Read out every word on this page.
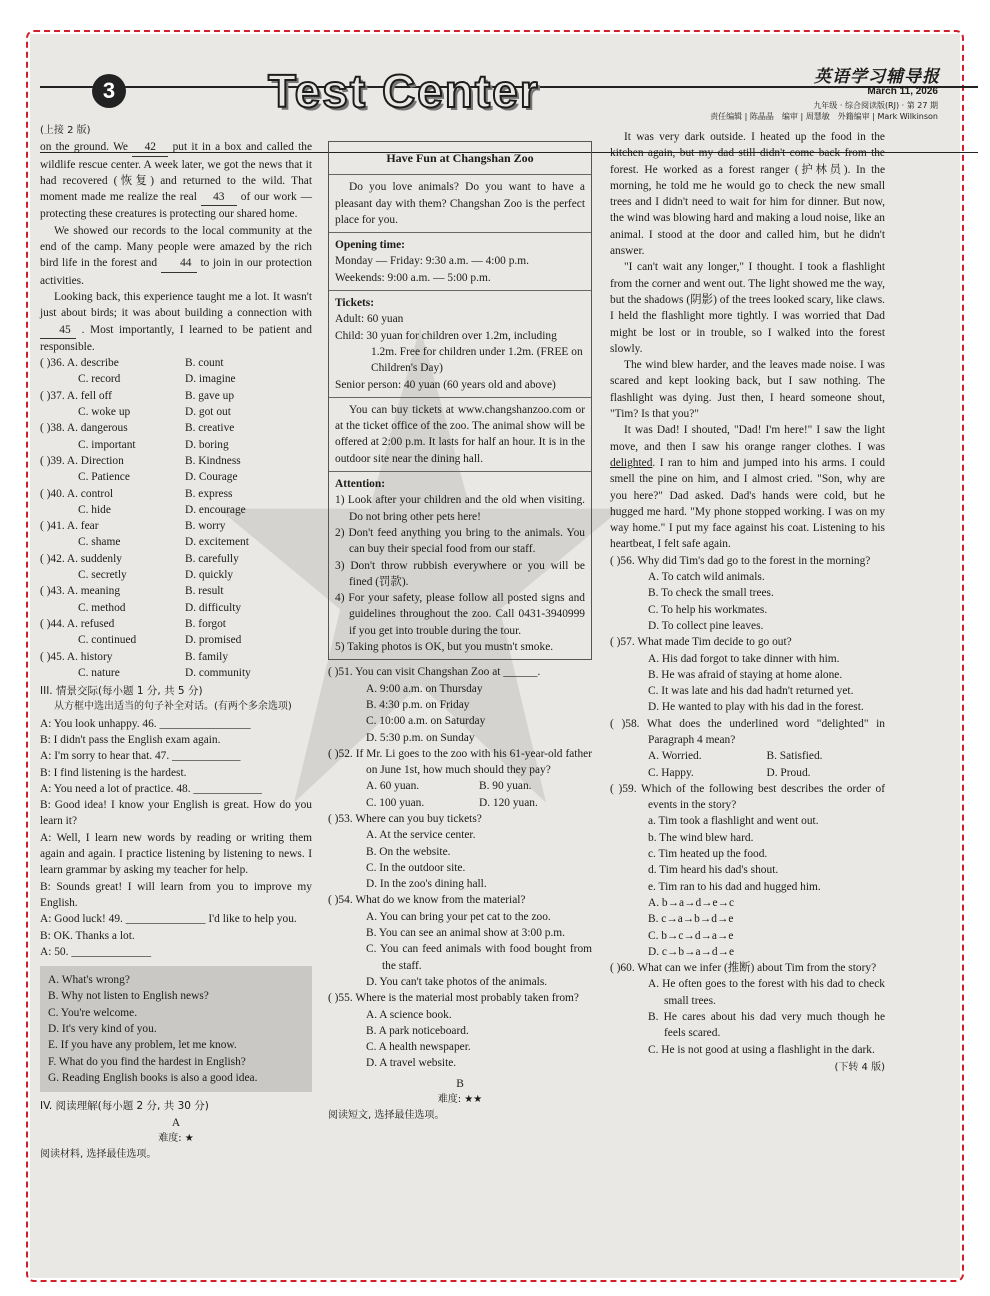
3	Test Center	英语学习辅导报
March 11, 2026
九年级 · 综合阅读版(RJ) · 第 27 期
责任编辑 | 陈晶晶　编审 | 周慧敏　外籍编审 | Mark Wilkinson
(上接 2 版)

on the ground. We 42 put it in a box and called the wildlife rescue center. A week later, we got the news that it had recovered (恢复) and returned to the wild. That moment made me realize the real 43 of our work — protecting these creatures is protecting our shared home.

We showed our records to the local community at the end of the camp. Many people were amazed by the rich bird life in the forest and 44 to join in our protection activities.

Looking back, this experience taught me a lot. It wasn't just about birds; it was about building a connection with 45 . Most importantly, I learned to be patient and responsible.

( )36. A. describe	B. count
C. record	D. imagine
( )37. A. fell off	B. gave up
C. woke up	D. got out
( )38. A. dangerous	B. creative
C. important	D. boring
( )39. A. Direction	B. Kindness
C. Patience	D. Courage
( )40. A. control	B. express
C. hide	D. encourage
( )41. A. fear	B. worry
C. shame	D. excitement
( )42. A. suddenly	B. carefully
C. secretly	D. quickly
( )43. A. meaning	B. result
C. method	D. difficulty
( )44. A. refused	B. forgot
C. continued	D. promised
( )45. A. history	B. family
C. nature	D. community
III. 情景交际(每小题 1 分, 共 5 分)
从方框中选出适当的句子补全对话。(有两个多余选项)

A: You look unhappy. 46. ________________

B: I didn't pass the English exam again.

A: I'm sorry to hear that. 47. ____________

B: I find listening is the hardest.

A: You need a lot of practice. 48. ____________

B: Good idea! I know your English is great. How do you learn it?

A: Well, I learn new words by reading or writing them again and again. I practice listening by listening to news. I learn grammar by asking my teacher for help.

B: Sounds great! I will learn from you to improve my English.

A: Good luck! 49. ______________ I'd like to help you.

B: OK. Thanks a lot.

A: 50. ______________

A. What's wrong?
B. Why not listen to English news?
C. You're welcome.
D. It's very kind of you.
E. If you have any problem, let me know.
F. What do you find the hardest in English?
G. Reading English books is also a good idea.
IV. 阅读理解(每小题 2 分, 共 30 分)
A
难度: ★
阅读材料, 选择最佳选项。
Have Fun at Changshan Zoo

Do you love animals? Do you want to have a pleasant day with them? Changshan Zoo is the perfect place for you.

Opening time:
Monday — Friday: 9:30 a.m. — 4:00 p.m.
Weekends: 9:00 a.m. — 5:00 p.m.
Tickets:
Adult: 60 yuan
Child: 30 yuan for children over 1.2m, including 1.2m. Free for children under 1.2m. (FREE on Children's Day)
Senior person: 40 yuan (60 years old and above)

You can buy tickets at www.changshanzoo.com or at the ticket office of the zoo. The animal show will be offered at 2:00 p.m. It lasts for half an hour. It is in the outdoor site near the dining hall.

Attention:

1) Look after your children and the old when visiting. Do not bring other pets here!

2) Don't feed anything you bring to the animals. You can buy their special food from our staff.

3) Don't throw rubbish everywhere or you will be fined (罚款).

4) For your safety, please follow all posted signs and guidelines throughout the zoo. Call 0431-3940999 if you get into trouble during the tour.

5) Taking photos is OK, but you mustn't smoke.

( )51. You can visit Changshan Zoo at ______.
A. 9:00 a.m. on Thursday
B. 4:30 p.m. on Friday
C. 10:00 a.m. on Saturday
D. 5:30 p.m. on Sunday

( )52. If Mr. Li goes to the zoo with his 61-year-old father on June 1st, how much should they pay?

A. 60 yuan.	B. 90 yuan.
C. 100 yuan.	D. 120 yuan.
( )53. Where can you buy tickets?
A. At the service center.
B. On the website.
C. In the outdoor site.
D. In the zoo's dining hall.
( )54. What do we know from the material?

A. You can bring your pet cat to the zoo.

B. You can see an animal show at 3:00 p.m.

C. You can feed animals with food bought from the staff.

D. You can't take photos of the animals.

( )55. Where is the material most probably taken from?

A. A science book.
B. A park noticeboard.
C. A health newspaper.
D. A travel website.
B
难度: ★★
阅读短文, 选择最佳选项。

It was very dark outside. I heated up the food in the kitchen again, but my dad still didn't come back from the forest. He worked as a forest ranger (护林员). In the morning, he told me he would go to check the new small trees and I didn't need to wait for him for dinner. But now, the wind was blowing hard and making a loud noise, like an animal. I stood at the door and called him, but he didn't answer.

"I can't wait any longer," I thought. I took a flashlight from the corner and went out. The light showed me the way, but the shadows (阴影) of the trees looked scary, like claws. I held the flashlight more tightly. I was worried that Dad might be lost or in trouble, so I walked into the forest slowly.

The wind blew harder, and the leaves made noise. I was scared and kept looking back, but I saw nothing. The flashlight was dying. Just then, I heard someone shout, "Tim? Is that you?"

It was Dad! I shouted, "Dad! I'm here!" I saw the light move, and then I saw his orange ranger clothes. I was delighted. I ran to him and jumped into his arms. I could smell the pine on him, and I almost cried. "Son, why are you here?" Dad asked. Dad's hands were cold, but he hugged me hard. "My phone stopped working. I was on my way home." I put my face against his coat. Listening to his heartbeat, I felt safe again.

( )56. Why did Tim's dad go to the forest in the morning?

A. To catch wild animals.
B. To check the small trees.
C. To help his workmates.
D. To collect pine leaves.
( )57. What made Tim decide to go out?

A. His dad forgot to take dinner with him.

B. He was afraid of staying at home alone.

C. It was late and his dad hadn't returned yet.

D. He wanted to play with his dad in the forest.

( )58. What does the underlined word "delighted" in Paragraph 4 mean?

A. Worried.	B. Satisfied.
C. Happy.	D. Proud.

( )59. Which of the following best describes the order of events in the story?

a. Tim took a flashlight and went out.
b. The wind blew hard.
c. Tim heated up the food.
d. Tim heard his dad's shout.
e. Tim ran to his dad and hugged him.
A. b→a→d→e→c
B. c→a→b→d→e
C. b→c→d→a→e
D. c→b→a→d→e

( )60. What can we infer (推断) about Tim from the story?

A. He often goes to the forest with his dad to check small trees.

B. He cares about his dad very much though he feels scared.

C. He is not good at using a flashlight in the dark.

(下转 4 版)
